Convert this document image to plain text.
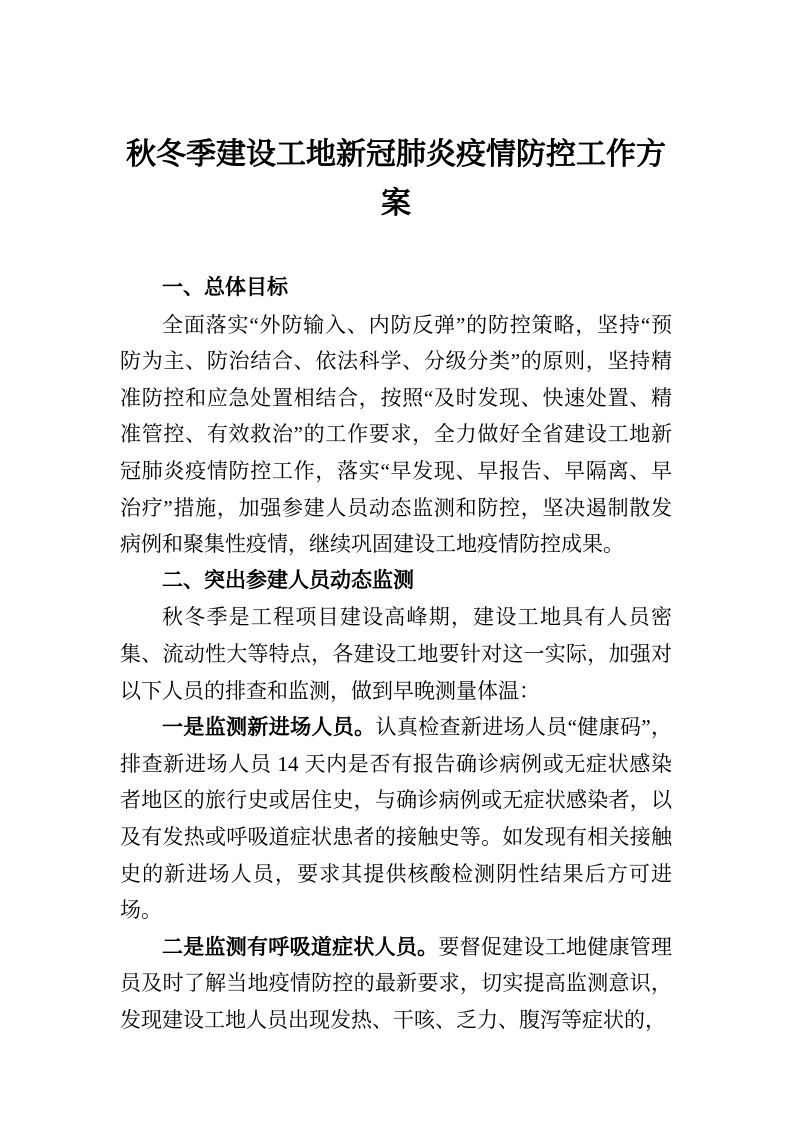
秋冬季建设工地新冠肺炎疫情防控工作方案
一、总体目标

全面落实“外防输入、内防反弹”的防控策略，坚持“预防为主、防治结合、依法科学、分级分类”的原则，坚持精准防控和应急处置相结合，按照“及时发现、快速处置、精准管控、有效救治”的工作要求，全力做好全省建设工地新冠肺炎疫情防控工作，落实“早发现、早报告、早隔离、早治疗”措施，加强参建人员动态监测和防控，坚决遏制散发病例和聚集性疫情，继续巩固建设工地疫情防控成果。

二、突出参建人员动态监测

秋冬季是工程项目建设高峰期，建设工地具有人员密集、流动性大等特点，各建设工地要针对这一实际，加强对以下人员的排查和监测，做到早晚测量体温：

一是监测新进场人员。认真检查新进场人员“健康码”，排查新进场人员 14 天内是否有报告确诊病例或无症状感染者地区的旅行史或居住史，与确诊病例或无症状感染者，以及有发热或呼吸道症状患者的接触史等。如发现有相关接触史的新进场人员，要求其提供核酸检测阴性结果后方可进场。

二是监测有呼吸道症状人员。要督促建设工地健康管理员及时了解当地疫情防控的最新要求，切实提高监测意识，发现建设工地人员出现发热、干咳、乏力、腹泻等症状的，
